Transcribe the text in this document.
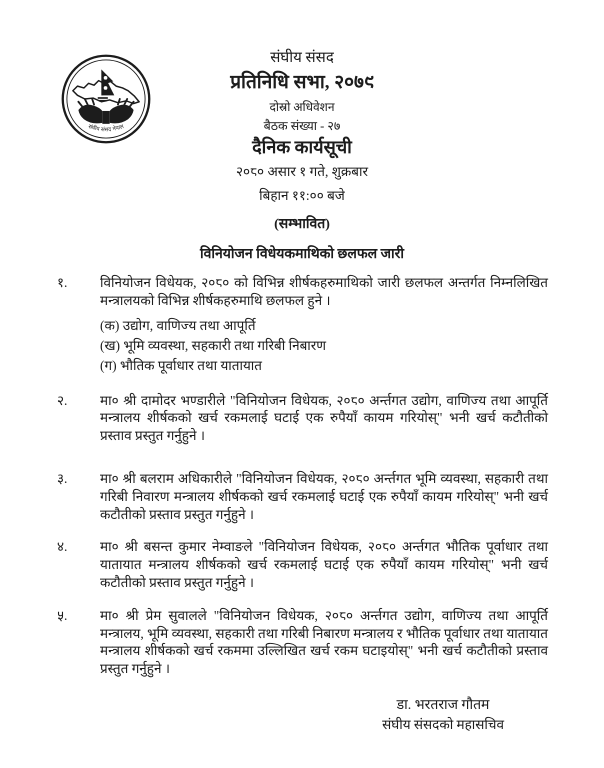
संघीय संसद नेपाल
संघीय संसद
प्रतिनिधि सभा, २०७९
दोस्रो अधिवेशन
बैठक संख्या - २७
दैनिक कार्यसूची
२०८० असार १ गते, शुक्रबार
बिहान ११:०० बजे
(सम्भावित)
विनियोजन विधेयकमाथिको छलफल जारी
१.	विनियोजन विधेयक, २०८० को विभिन्न शीर्षकहरुमाथिको जारी छलफल अन्तर्गत निम्नलिखित मन्त्रालयको विभिन्न शीर्षकहरुमाथि छलफल हुने ।
(क) उद्योग, वाणिज्य तथा आपूर्ति
(ख) भूमि व्यवस्था, सहकारी तथा गरिबी निबारण
(ग) भौतिक पूर्वाधार तथा यातायात
२.	मा० श्री दामोदर भण्डारीले "विनियोजन विधेयक, २०८० अर्न्तगत उद्योग, वाणिज्य तथा आपूर्ति मन्त्रालय शीर्षकको खर्च रकमलाई घटाई एक रुपैयाँ कायम गरियोस्" भनी खर्च कटौतीको प्रस्ताव प्रस्तुत गर्नुहुने ।
३.	मा० श्री बलराम अधिकारीले "विनियोजन विधेयक, २०८० अर्न्तगत भूमि व्यवस्था, सहकारी तथा गरिबी निवारण मन्त्रालय शीर्षकको खर्च रकमलाई घटाई एक रुपैयाँ कायम गरियोस्" भनी खर्च कटौतीको प्रस्ताव प्रस्तुत गर्नुहुने ।
४.	मा० श्री बसन्त कुमार नेम्वाङले "विनियोजन विधेयक, २०८० अर्न्तगत भौतिक पूर्वाधार तथा यातायात मन्त्रालय शीर्षकको खर्च रकमलाई घटाई एक रुपैयाँ कायम गरियोस्" भनी खर्च कटौतीको प्रस्ताव प्रस्तुत गर्नुहुने ।
५.	मा० श्री प्रेम सुवालले "विनियोजन विधेयक, २०८० अर्न्तगत उद्योग, वाणिज्य तथा आपूर्ति मन्त्रालय, भूमि व्यवस्था, सहकारी तथा गरिबी निबारण मन्त्रालय र भौतिक पूर्वाधार तथा यातायात मन्त्रालय शीर्षकको खर्च रकममा उल्लिखित खर्च रकम घटाइयोस्" भनी खर्च कटौतीको प्रस्ताव प्रस्तुत गर्नुहुने ।
डा. भरतराज गौतम
संघीय संसदको महासचिव
